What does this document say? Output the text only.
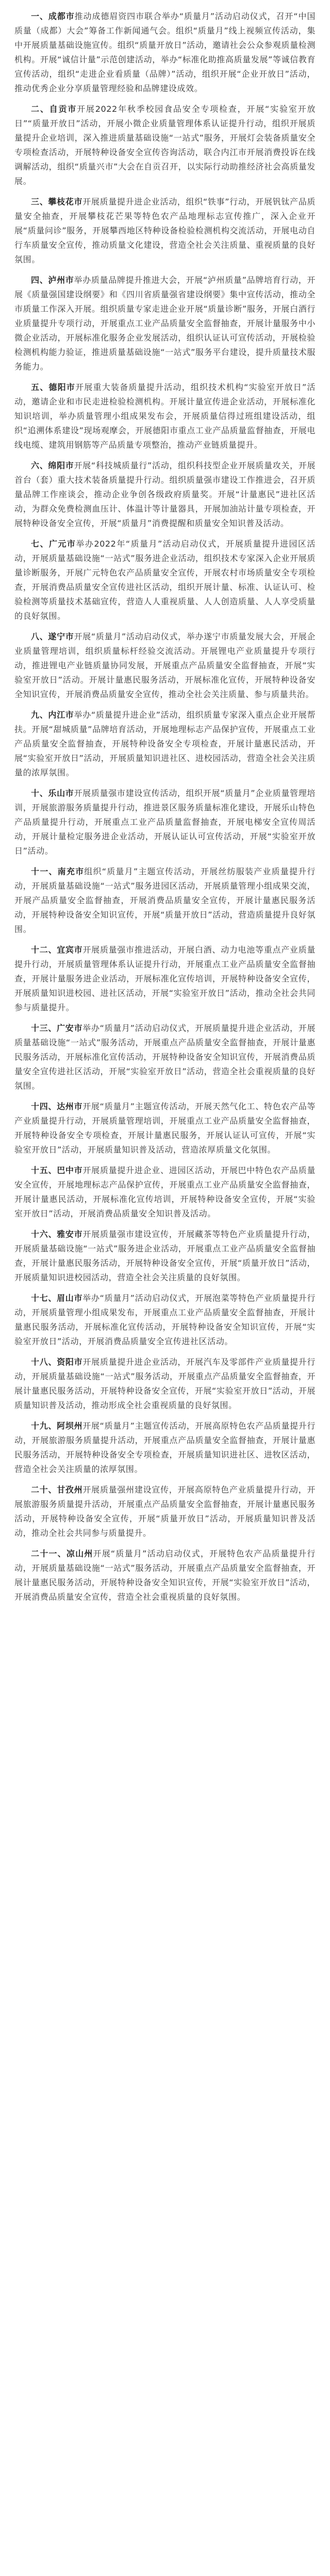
一、成都市推动成德眉资四市联合举办“质量月”活动启动仪式，召开“中国质量（成都）大会”筹备工作新闻通气会。组织“质量月”线上视频宣传活动，集中开展质量基础设施宣传。组织“质量开放日”活动，邀请社会公众参观质量检测机构。开展“诚信计量”示范创建活动，举办“标准化助推高质量发展”等诚信教育宣传活动，组织“走进企业看质量（品牌）”活动，组织开展“企业开放日”活动，推动优秀企业分享质量管理经验和品牌建设成效。

二、自贡市开展2022年秋季校园食品安全专项检查，开展“实验室开放日”“质量开放日”活动，开展小微企业质量管理体系认证提升行动，组织开展质量提升企业培训，深入推进质量基础设施“一站式”服务，开展灯会装备质量安全专项检查活动，开展特种设备安全宣传咨询活动，联合内江市开展消费投诉在线调解活动，组织“质量兴市”大会在自贡召开，以实际行动助推经济社会高质量发展。

三、攀枝花市开展质量提升进企业活动，组织“铁事”行动，开展钒钛产品质量安全抽查，开展攀枝花芒果等特色农产品地理标志宣传推广，深入企业开展“质量问诊”服务，开展攀西地区特种设备检验检测机构交流活动，开展电动自行车质量安全宣传，推动质量文化建设，营造全社会关注质量、重视质量的良好氛围。

四、泸州市举办质量品牌提升推进大会，开展“泸州质量”品牌培育行动，开展《质量强国建设纲要》和《四川省质量强省建设纲要》集中宣传活动，推动全市质量工作深入开展。组织质量专家走进企业开展“质量诊断”服务，开展白酒行业质量提升专项行动，开展重点工业产品质量安全监督抽查，开展计量服务中小微企业活动，开展标准化服务企业发展活动，组织认证认可宣传活动，开展检验检测机构能力验证，推进质量基础设施“一站式”服务平台建设，提升质量技术服务能力。

五、德阳市开展重大装备质量提升活动，组织技术机构“实验室开放日”活动，邀请企业和市民走进检验检测机构。开展计量宣传进企业活动，开展标准化知识培训，举办质量管理小组成果发布会，开展质量信得过班组建设活动，组织“追溯体系建设”现场观摩会，开展德阳市重点工业产品质量监督抽查，开展电线电缆、建筑用钢筋等产品质量专项整治，推动产业链质量提升。

六、绵阳市开展“科技城质量行”活动，组织科技型企业开展质量攻关，开展首台（套）重大技术装备质量提升行动。组织质量强市建设工作推进会，召开质量品牌工作座谈会，推动企业争创各级政府质量奖。开展“计量惠民”进社区活动，为群众免费检测血压计、体温计等计量器具，开展加油站计量专项检查，开展特种设备安全宣传，开展“质量月”消费提醒和质量安全知识普及活动。

七、广元市举办2022年“质量月”活动启动仪式，开展质量提升进园区活动，开展质量基础设施“一站式”服务进企业活动，组织技术专家深入企业开展质量诊断服务，开展广元特色农产品质量安全宣传，开展农村市场质量安全专项检查，开展消费品质量安全宣传进社区活动，组织开展计量、标准、认证认可、检验检测等质量技术基础宣传，营造人人重视质量、人人创造质量、人人享受质量的良好氛围。

八、遂宁市开展“质量月”活动启动仪式，举办遂宁市质量发展大会，开展企业质量管理培训，组织质量标杆经验交流活动。开展锂电产业质量提升专项行动，推进锂电产业链质量协同发展，开展重点产品质量安全监督抽查，开展“实验室开放日”活动。开展计量惠民服务活动，开展标准化宣传，开展特种设备安全知识宣传，开展消费品质量安全宣传，推动全社会关注质量、参与质量共治。

九、内江市举办“质量提升进企业”活动，组织质量专家深入重点企业开展帮扶。开展“甜城质量”品牌培育活动，开展地理标志产品保护宣传，开展重点工业产品质量安全监督抽查，开展特种设备安全专项检查，开展计量惠民活动，开展“实验室开放日”活动，开展质量知识进社区、进校园活动，营造全社会关注质量的浓厚氛围。

十、乐山市开展质量强市建设宣传活动，组织开展“质量月”企业质量管理培训，开展旅游服务质量提升行动，推进景区服务质量标准化建设，开展乐山特色产品质量提升行动，开展重点工业产品质量监督抽查，开展电梯安全宣传周活动，开展计量检定服务进企业活动，开展认证认可宣传活动，开展“实验室开放日”活动。

十一、南充市组织“质量月”主题宣传活动，开展丝纺服装产业质量提升行动，开展质量基础设施“一站式”服务进园区活动，开展质量管理小组成果交流，开展产品质量安全监督抽查，开展消费品质量安全宣传，开展计量惠民服务活动，开展特种设备安全知识宣传，开展“质量开放日”活动，营造质量提升良好氛围。

十二、宜宾市开展质量强市推进活动，开展白酒、动力电池等重点产业质量提升行动，开展质量管理体系认证提升行动，开展重点工业产品质量安全监督抽查，开展计量服务进企业活动，开展标准化宣传培训，开展特种设备安全宣传，开展质量知识进校园、进社区活动，开展“实验室开放日”活动，推动全社会共同参与质量提升。

十三、广安市举办“质量月”活动启动仪式，开展质量提升进企业活动，开展质量基础设施“一站式”服务活动，开展重点产品质量安全监督抽查，开展计量惠民服务活动，开展标准化宣传活动，开展特种设备安全知识宣传，开展消费品质量安全宣传进社区活动，开展“实验室开放日”活动，营造全社会重视质量的良好氛围。

十四、达州市开展“质量月”主题宣传活动，开展天然气化工、特色农产品等产业质量提升行动，开展质量管理培训，开展重点工业产品质量安全监督抽查，开展特种设备安全专项检查，开展计量惠民服务，开展认证认可宣传，开展“实验室开放日”活动，开展质量知识普及活动，营造浓厚质量文化氛围。

十五、巴中市开展质量提升进企业、进园区活动，开展巴中特色农产品质量安全宣传，开展地理标志产品保护宣传，开展重点工业产品质量安全监督抽查，开展计量惠民活动，开展标准化宣传培训，开展特种设备安全宣传，开展“实验室开放日”活动，开展消费品质量安全知识普及活动。

十六、雅安市开展质量强市建设宣传，开展藏茶等特色产业质量提升行动，开展质量基础设施“一站式”服务进企业活动，开展重点工业产品质量安全监督抽查，开展计量惠民服务活动，开展特种设备安全宣传，开展“质量开放日”活动，开展质量知识进校园活动，营造全社会关注质量的良好氛围。

十七、眉山市举办“质量月”活动启动仪式，开展泡菜等特色产业质量提升行动，开展质量管理小组成果发布，开展重点工业产品质量安全监督抽查，开展计量惠民服务活动，开展标准化宣传活动，开展特种设备安全知识宣传，开展“实验室开放日”活动，开展消费品质量安全宣传进社区活动。

十八、资阳市开展质量提升进企业活动，开展汽车及零部件产业质量提升行动，开展质量基础设施“一站式”服务活动，开展重点产品质量安全监督抽查，开展计量惠民服务活动，开展特种设备安全宣传，开展“实验室开放日”活动，开展质量知识普及活动，推动形成全社会重视质量的良好氛围。

十九、阿坝州开展“质量月”主题宣传活动，开展高原特色农产品质量提升行动，开展旅游服务质量提升活动，开展重点产品质量安全监督抽查，开展计量惠民服务活动，开展特种设备安全专项检查，开展质量知识进社区、进牧区活动，营造全社会关注质量的浓厚氛围。

二十、甘孜州开展质量强州建设宣传，开展高原特色产业质量提升行动，开展旅游服务质量提升活动，开展重点产品质量安全监督抽查，开展计量惠民服务活动，开展特种设备安全宣传，开展“质量开放日”活动，开展质量知识普及活动，推动全社会共同参与质量提升。

二十一、凉山州开展“质量月”活动启动仪式，开展特色农产品质量提升行动，开展质量基础设施“一站式”服务活动，开展重点产品质量安全监督抽查，开展计量惠民服务活动，开展特种设备安全知识宣传，开展“实验室开放日”活动，开展消费品质量安全宣传，营造全社会重视质量的良好氛围。
